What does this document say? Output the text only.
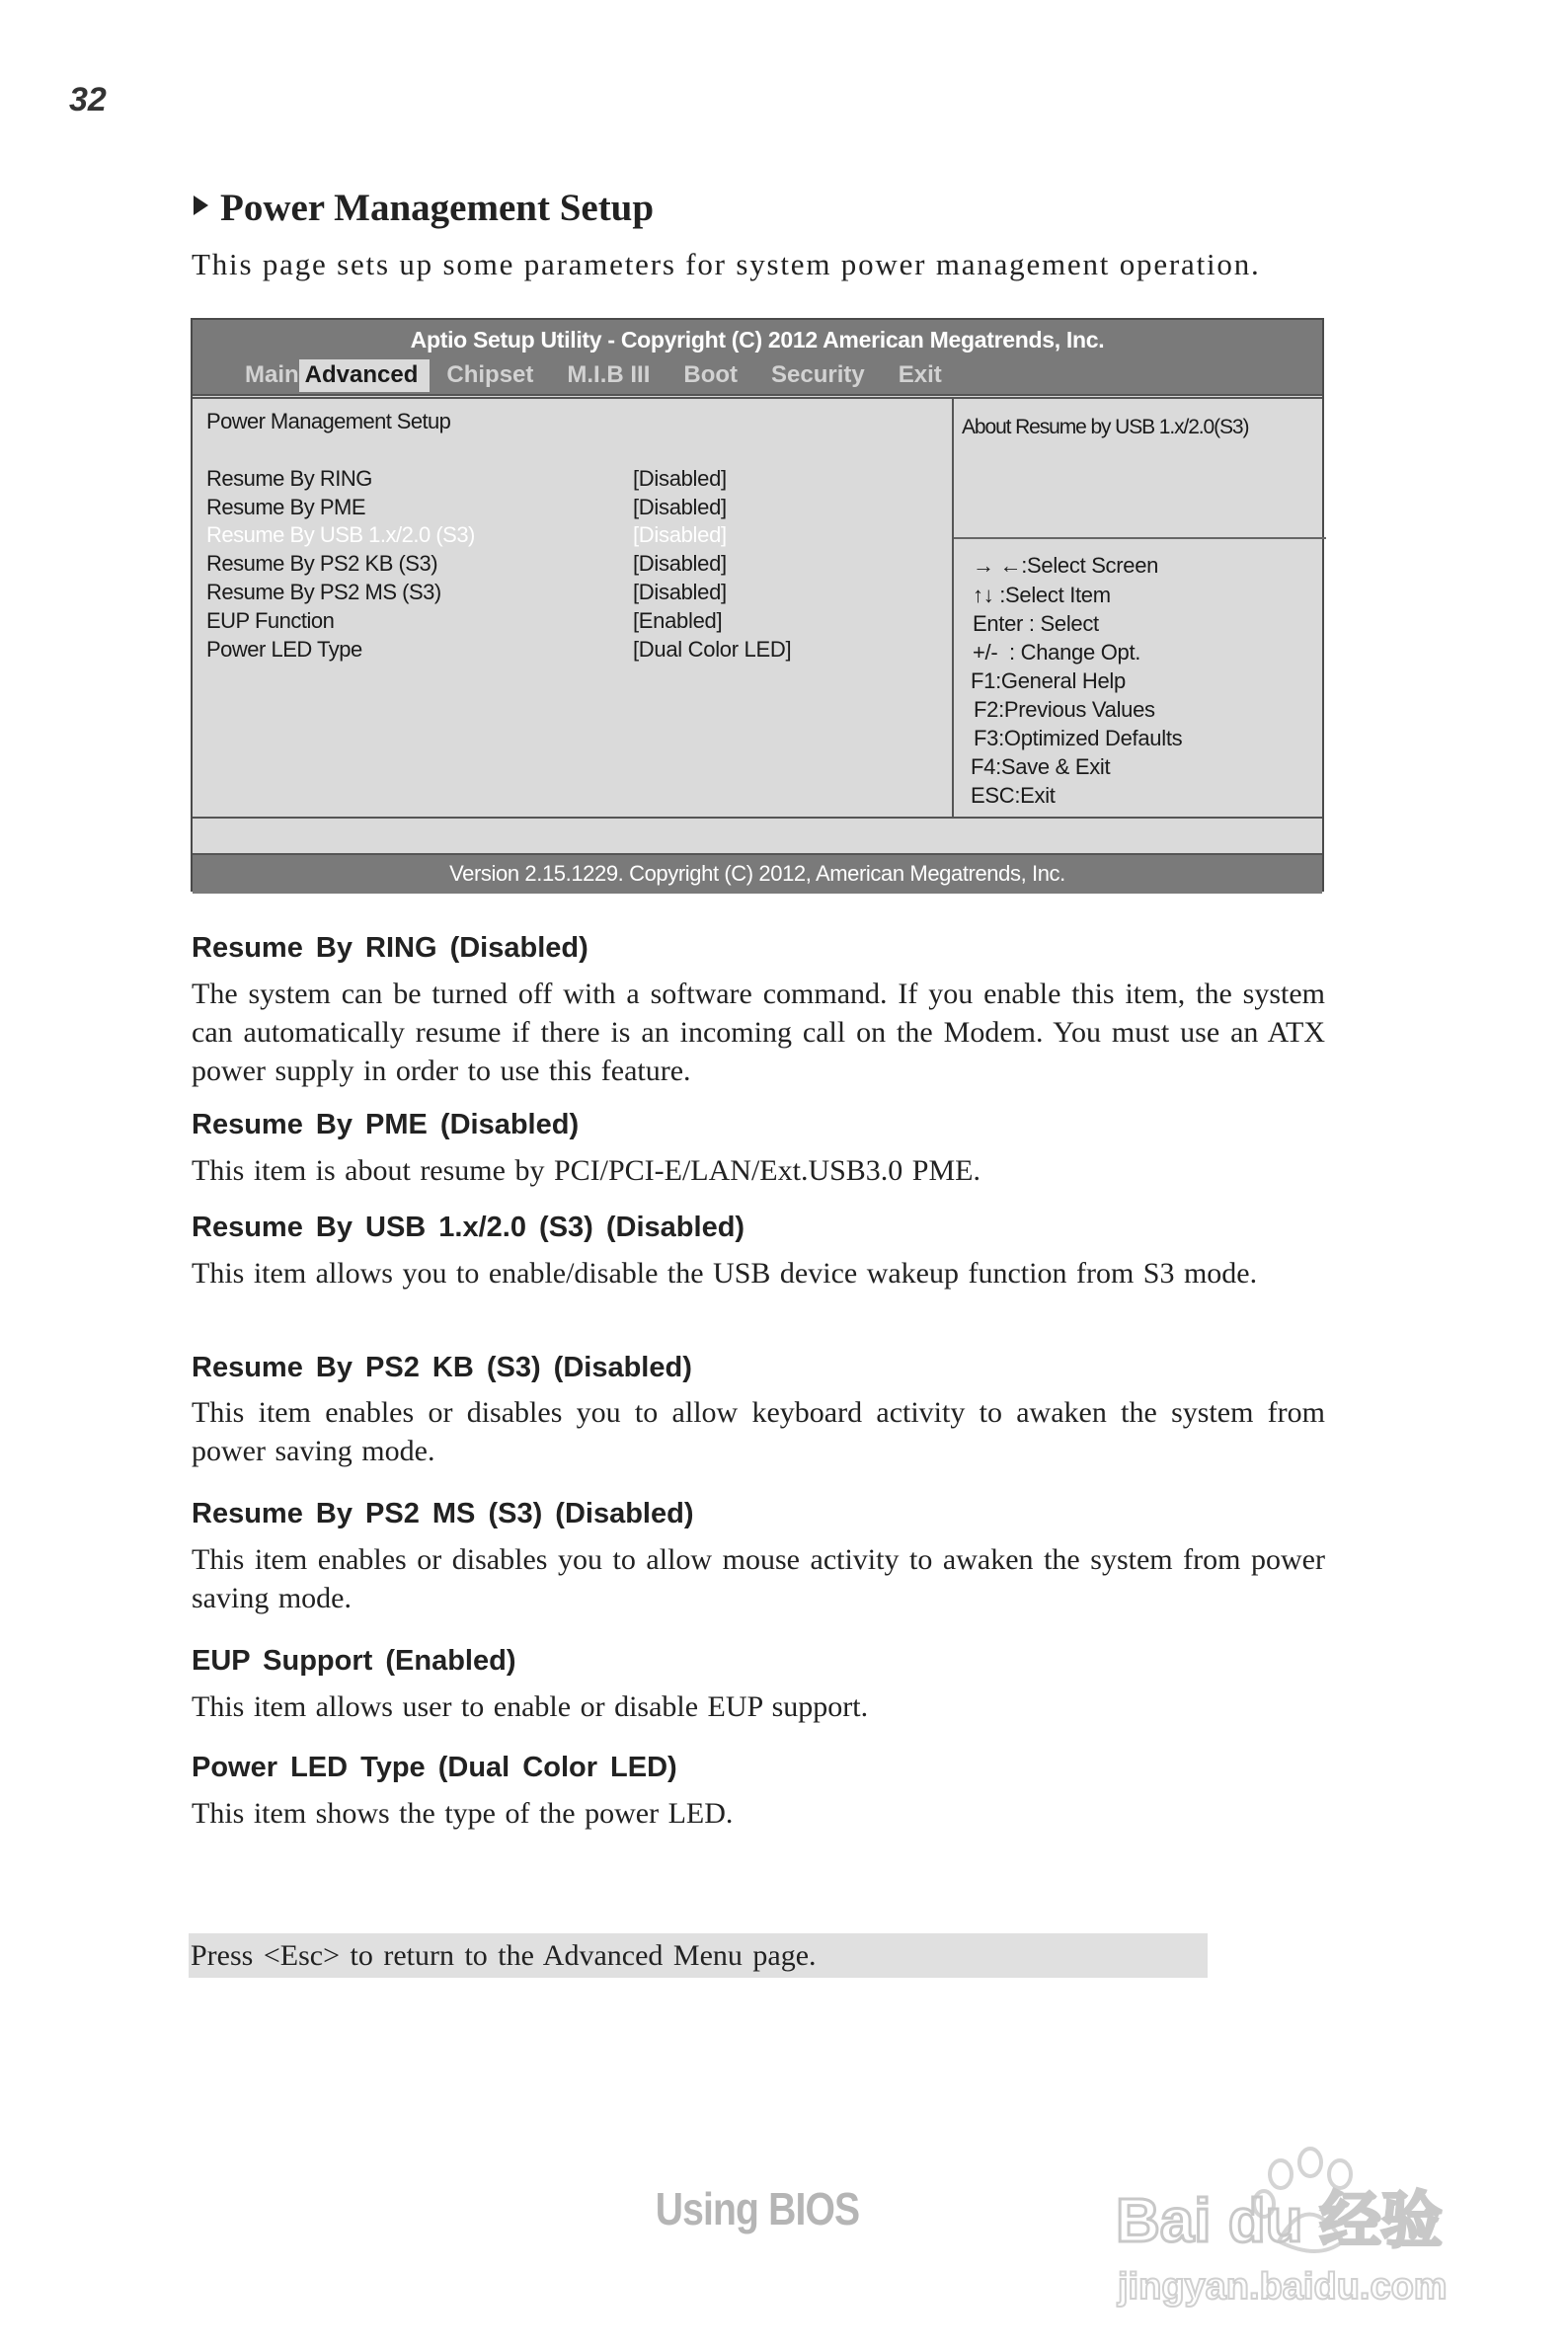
32
Power Management Setup
This page sets up some parameters for system power management operation.
Aptio Setup Utility - Copyright (C) 2012 American Megatrends, Inc.
Main Advanced	Chipset	M.I.B III	Boot	Security	Exit
Power Management Setup
Resume By RING	[Disabled]
Resume By PME	[Disabled]
Resume By USB 1.x/2.0 (S3)	[Disabled]
Resume By PS2 KB (S3)	[Disabled]
Resume By PS2 MS (S3)	[Disabled]
EUP Function	[Enabled]
Power LED Type	[Dual Color LED]
About Resume by USB 1.x/2.0(S3)
→ ←:Select Screen
↑↓ :Select Item
Enter : Select
+/-  : Change Opt.
F1:General Help
F2:Previous Values
F3:Optimized Defaults
F4:Save & Exit
ESC:Exit
Version 2.15.1229. Copyright (C) 2012, American Megatrends, Inc.
Resume By RING (Disabled)
The system can be turned off with a software command. If you enable this item, the system can automatically resume if there is an incoming call on the Modem. You must use an ATX power supply in order to use this feature.
Resume By PME (Disabled)
This item is about resume by PCI/PCI-E/LAN/Ext.USB3.0 PME.
Resume By USB 1.x/2.0 (S3) (Disabled)
This item allows you to enable/disable the USB device wakeup function from S3 mode.
Resume By PS2 KB (S3) (Disabled)
This item enables or disables you to allow keyboard activity to awaken the system from power saving mode.
Resume By PS2 MS (S3) (Disabled)
This item enables or disables you to allow mouse activity to awaken the system from power saving mode.
EUP Support (Enabled)
This item allows user to enable or disable EUP support.
Power LED Type (Dual Color LED)
This item shows the type of the power LED.
Press <Esc> to return to the Advanced Menu page.
Using BIOS	Bai du 经验
jingyan.baidu.com
